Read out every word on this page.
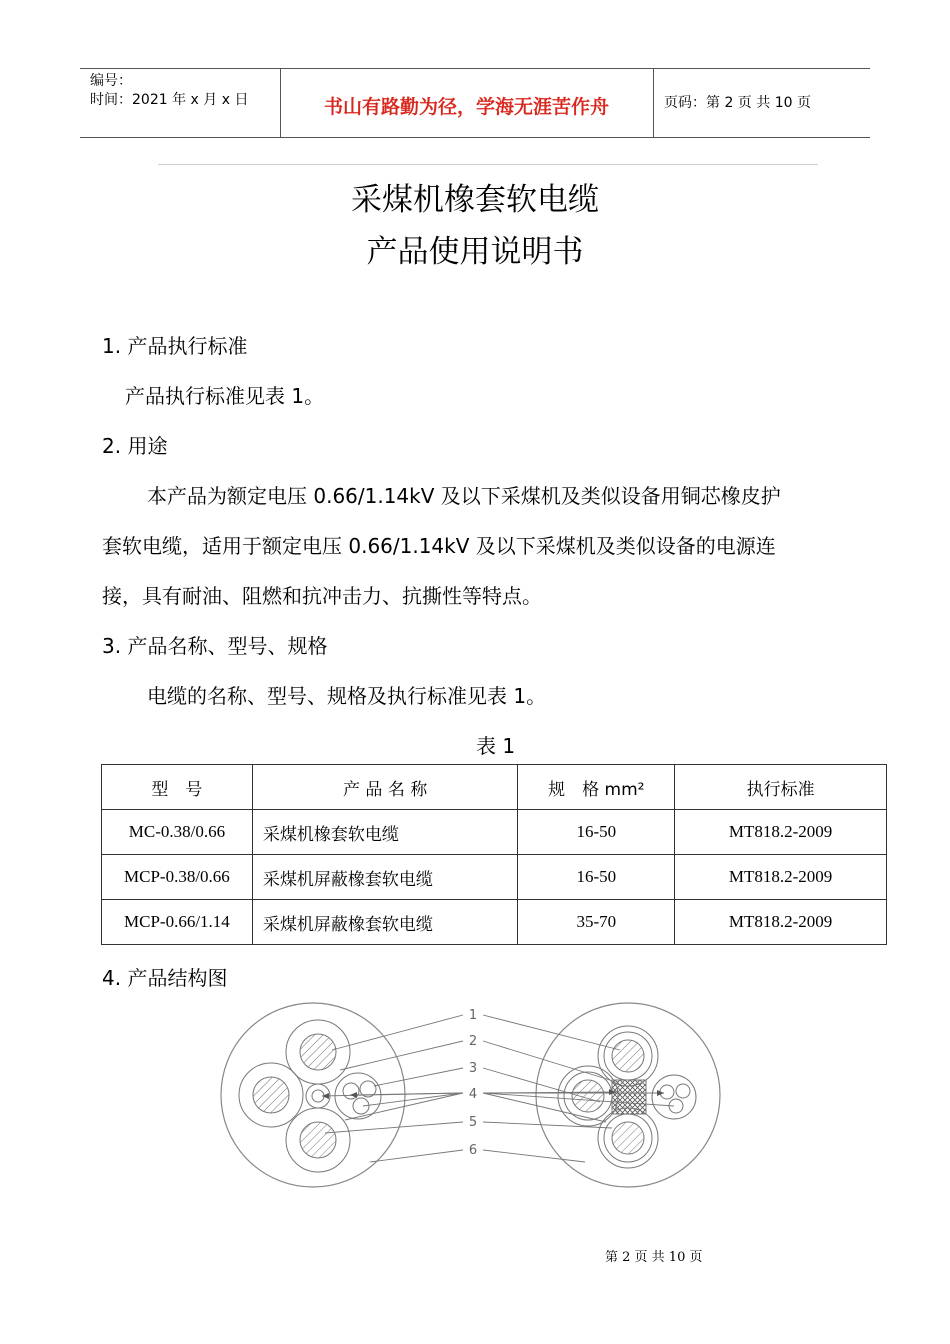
编号：
时间：2021 年 x 月 x 日	书山有路勤为径，学海无涯苦作舟	页码：第 2 页 共 10 页
采煤机橡套软电缆
产品使用说明书
1. 产品执行标准
产品执行标准见表 1。
2. 用途
本产品为额定电压 0.66/1.14kV 及以下采煤机及类似设备用铜芯橡皮护
套软电缆，适用于额定电压 0.66/1.14kV 及以下采煤机及类似设备的电源连
接，具有耐油、阻燃和抗冲击力、抗撕性等特点。
3. 产品名称、型号、规格
电缆的名称、型号、规格及执行标准见表 1。
表 1
型　号	产 品 名 称	规　格 mm²	执行标准
MC-0.38/0.66	采煤机橡套软电缆	16-50	MT818.2-2009
MCP-0.38/0.66	采煤机屏蔽橡套软电缆	16-50	MT818.2-2009
MCP-0.66/1.14	采煤机屏蔽橡套软电缆	35-70	MT818.2-2009
4. 产品结构图
1
2
3
4
5
6
第 2 页 共 10 页
